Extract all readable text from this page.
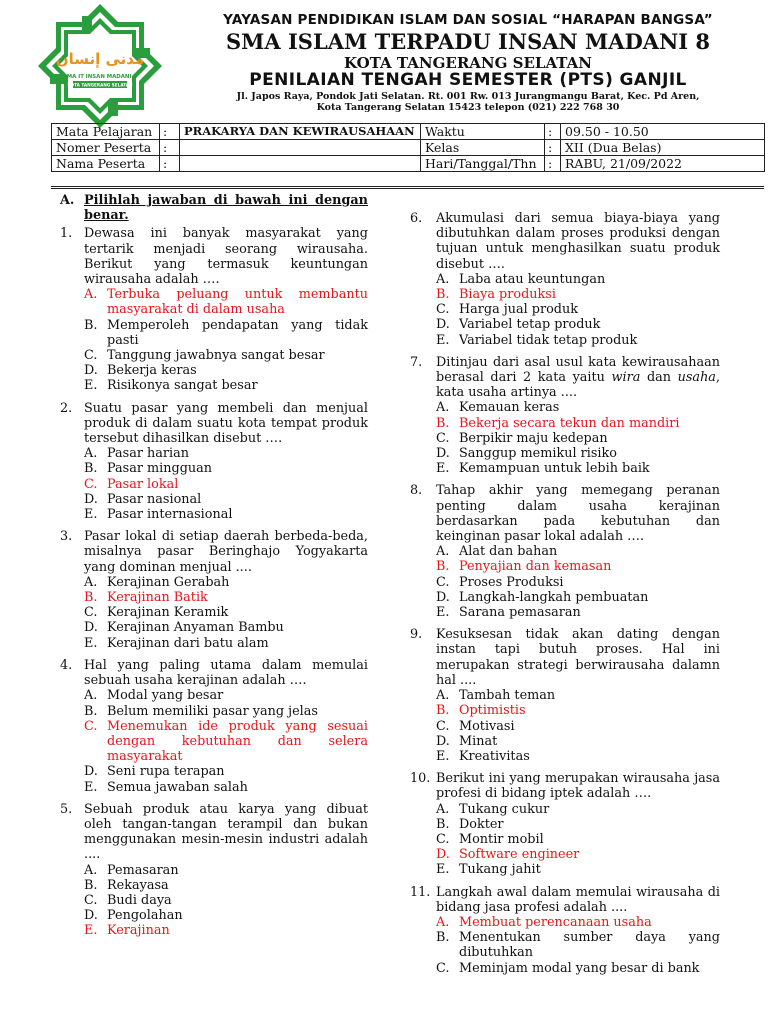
مدنى إنسان
SMA IT INSAN MADANI 8
KOTA TANGERANG SELATAN
YAYASAN PENDIDIKAN ISLAM DAN SOSIAL “HARAPAN BANGSA”
SMA ISLAM TERPADU INSAN MADANI 8
KOTA TANGERANG SELATAN
PENILAIAN TENGAH SEMESTER (PTS) GANJIL
Jl. Japos Raya, Pondok Jati Selatan. Rt. 001 Rw. 013 Jurangmangu Barat, Kec. Pd Aren,
Kota Tangerang Selatan 15423 telepon (021) 222 768 30
Mata Pelajaran	:	PRAKARYA DAN KEWIRAUSAHAAN	Waktu	:	09.50 - 10.50
Nomer Peserta	:		Kelas	:	XII (Dua Belas)
Nama Peserta	:		Hari/Tanggal/Thn	:	RABU, 21/09/2022
A. Pilihlah jawaban di bawah ini dengan benar.
1. Dewasa ini banyak masyarakat yang tertarik menjadi seorang wirausaha. Berikut yang termasuk keuntungan wirausaha adalah ….
A. Terbuka peluang untuk membantu masyarakat di dalam usaha
B. Memperoleh pendapatan yang tidak pasti
C. Tanggung jawabnya sangat besar
D. Bekerja keras
E. Risikonya sangat besar
2. Suatu pasar yang membeli dan menjual produk di dalam suatu kota tempat produk tersebut dihasilkan disebut ….
A. Pasar harian
B. Pasar mingguan
C. Pasar lokal
D. Pasar nasional
E. Pasar internasional
3. Pasar lokal di setiap daerah berbeda-beda, misalnya pasar Beringhajo Yogyakarta yang dominan menjual ....
A. Kerajinan Gerabah
B. Kerajinan Batik
C. Kerajinan Keramik
D. Kerajinan Anyaman Bambu
E. Kerajinan dari batu alam
4. Hal yang paling utama dalam memulai sebuah usaha kerajinan adalah ….
A. Modal yang besar
B. Belum memiliki pasar yang jelas
C. Menemukan ide produk yang sesuai dengan kebutuhan dan selera masyarakat
D. Seni rupa terapan
E. Semua jawaban salah
5. Sebuah produk atau karya yang dibuat oleh tangan-tangan terampil dan bukan menggunakan mesin-mesin industri adalah ....
A. Pemasaran
B. Rekayasa
C. Budi daya
D. Pengolahan
E. Kerajinan
6.	Akumulasi dari semua biaya-biaya yang dibutuhkan dalam proses produksi dengan tujuan untuk menghasilkan suatu produk disebut ….
A. Laba atau keuntungan
B. Biaya produksi
C. Harga jual produk
D. Variabel tetap produk
E. Variabel tidak tetap produk
7.	Ditinjau dari asal usul kata kewirausahaan berasal dari 2 kata yaitu wira dan usaha, kata usaha artinya ....
A. Kemauan keras
B. Bekerja secara tekun dan mandiri
C. Berpikir maju kedepan
D. Sanggup memikul risiko
E. Kemampuan untuk lebih baik
8.	Tahap akhir yang memegang peranan penting dalam usaha kerajinan berdasarkan pada kebutuhan dan keinginan pasar lokal adalah ….
A. Alat dan bahan
B. Penyajian dan kemasan
C. Proses Produksi
D. Langkah-langkah pembuatan
E. Sarana pemasaran
9.	Kesuksesan tidak akan dating dengan instan tapi butuh proses. Hal ini merupakan strategi berwirausaha dalamn hal ....
A. Tambah teman
B. Optimistis
C. Motivasi
D. Minat
E. Kreativitas
10. Berikut ini yang merupakan wirausaha jasa profesi di bidang iptek adalah ….
A. Tukang cukur
B. Dokter
C. Montir mobil
D. Software engineer
E. Tukang jahit
11. Langkah awal dalam memulai wirausaha di bidang jasa profesi adalah ....
A. Membuat perencanaan usaha
B. Menentukan sumber daya yang dibutuhkan
C. Meminjam modal yang besar di bank
